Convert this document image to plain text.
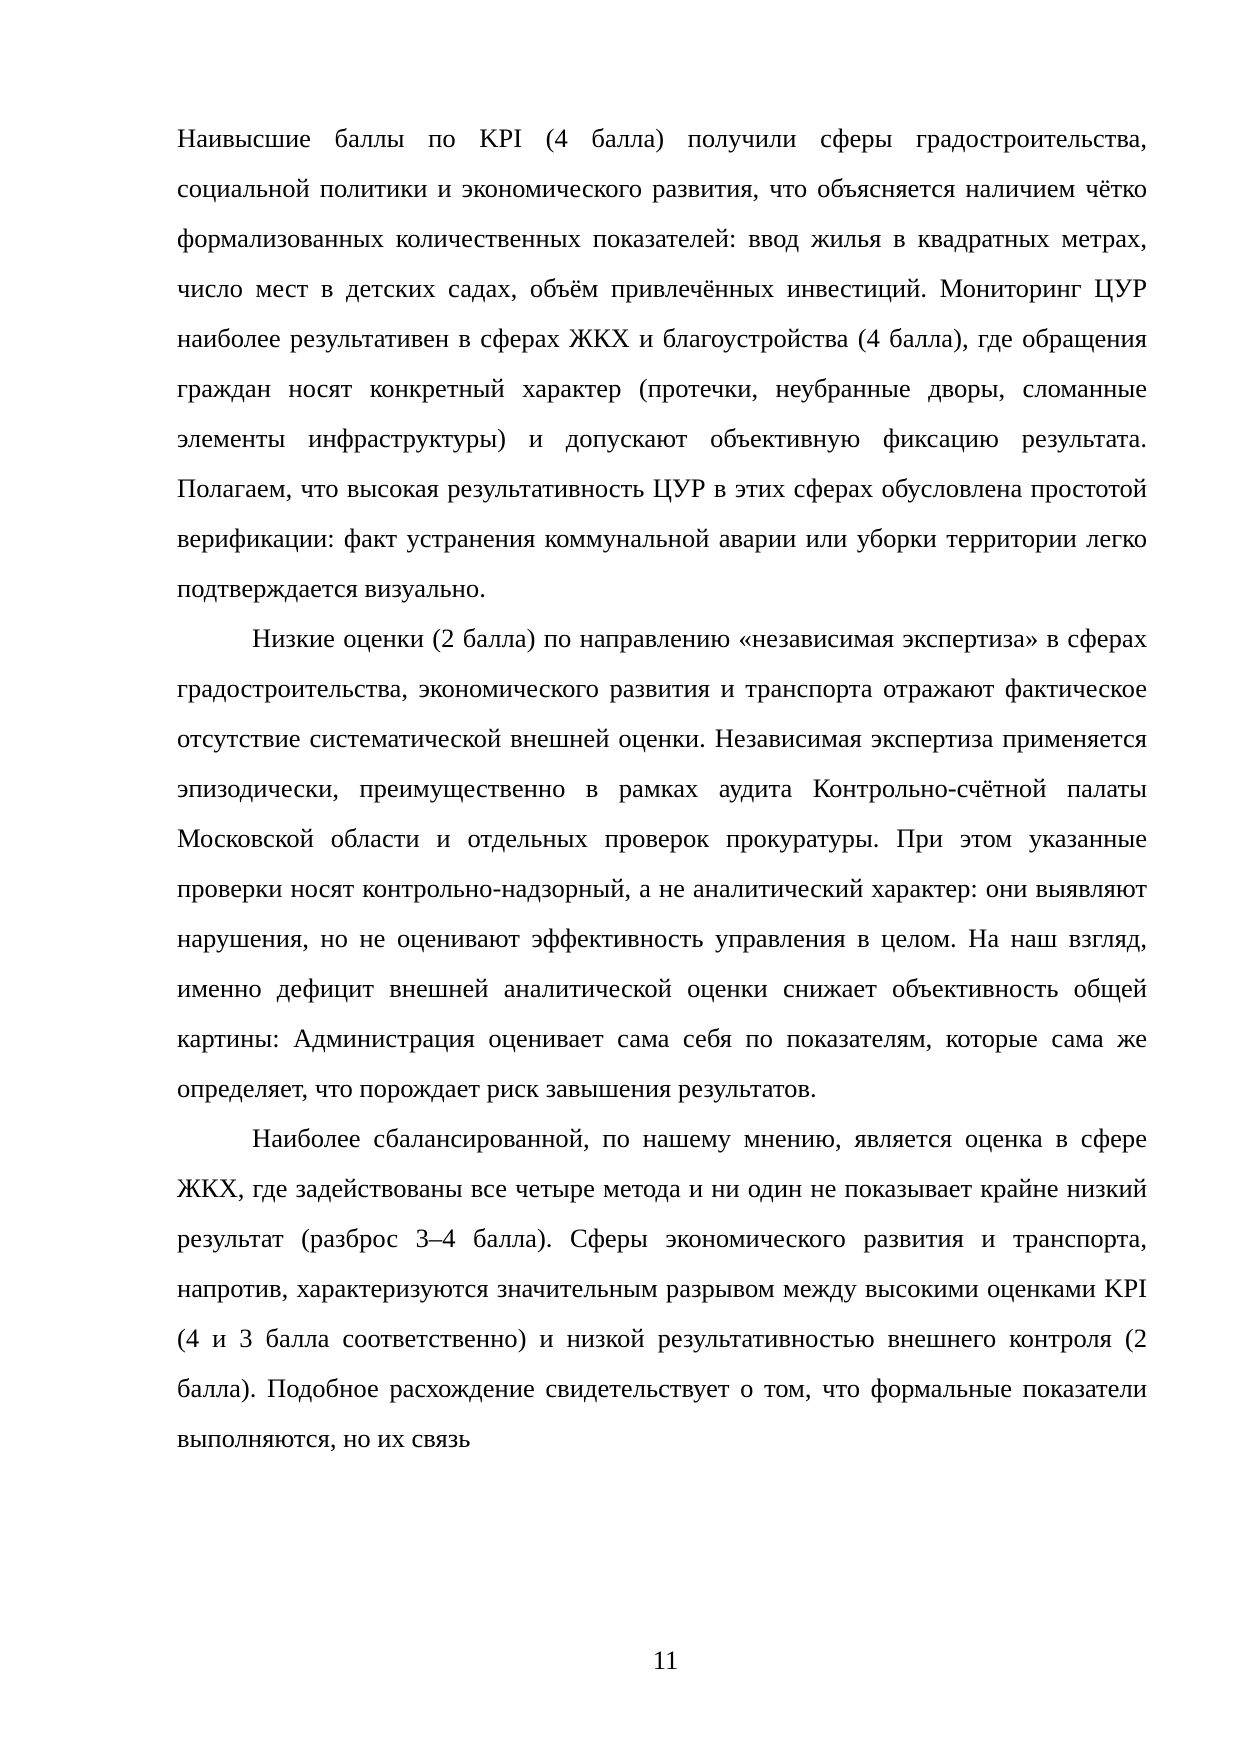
Наивысшие баллы по KPI (4 балла) получили сферы градостроительства, социальной политики и экономического развития, что объясняется наличием чётко формализованных количественных показателей: ввод жилья в квадратных метрах, число мест в детских садах, объём привлечённых инвестиций. Мониторинг ЦУР наиболее результативен в сферах ЖКХ и благоустройства (4 балла), где обращения граждан носят конкретный характер (протечки, неубранные дворы, сломанные элементы инфраструктуры) и допускают объективную фиксацию результата. Полагаем, что высокая результативность ЦУР в этих сферах обусловлена простотой верификации: факт устранения коммунальной аварии или уборки территории легко подтверждается визуально.

Низкие оценки (2 балла) по направлению «независимая экспертиза» в сферах градостроительства, экономического развития и транспорта отражают фактическое отсутствие систематической внешней оценки. Независимая экспертиза применяется эпизодически, преимущественно в рамках аудита Контрольно-счётной палаты Московской области и отдельных проверок прокуратуры. При этом указанные проверки носят контрольно-надзорный, а не аналитический характер: они выявляют нарушения, но не оценивают эффективность управления в целом. На наш взгляд, именно дефицит внешней аналитической оценки снижает объективность общей картины: Администрация оценивает сама себя по показателям, которые сама же определяет, что порождает риск завышения результатов.

Наиболее сбалансированной, по нашему мнению, является оценка в сфере ЖКХ, где задействованы все четыре метода и ни один не показывает крайне низкий результат (разброс 3–4 балла). Сферы экономического развития и транспорта, напротив, характеризуются значительным разрывом между высокими оценками KPI (4 и 3 балла соответственно) и низкой результативностью внешнего контроля (2 балла). Подобное расхождение свидетельствует о том, что формальные показатели выполняются, но их связь

11
